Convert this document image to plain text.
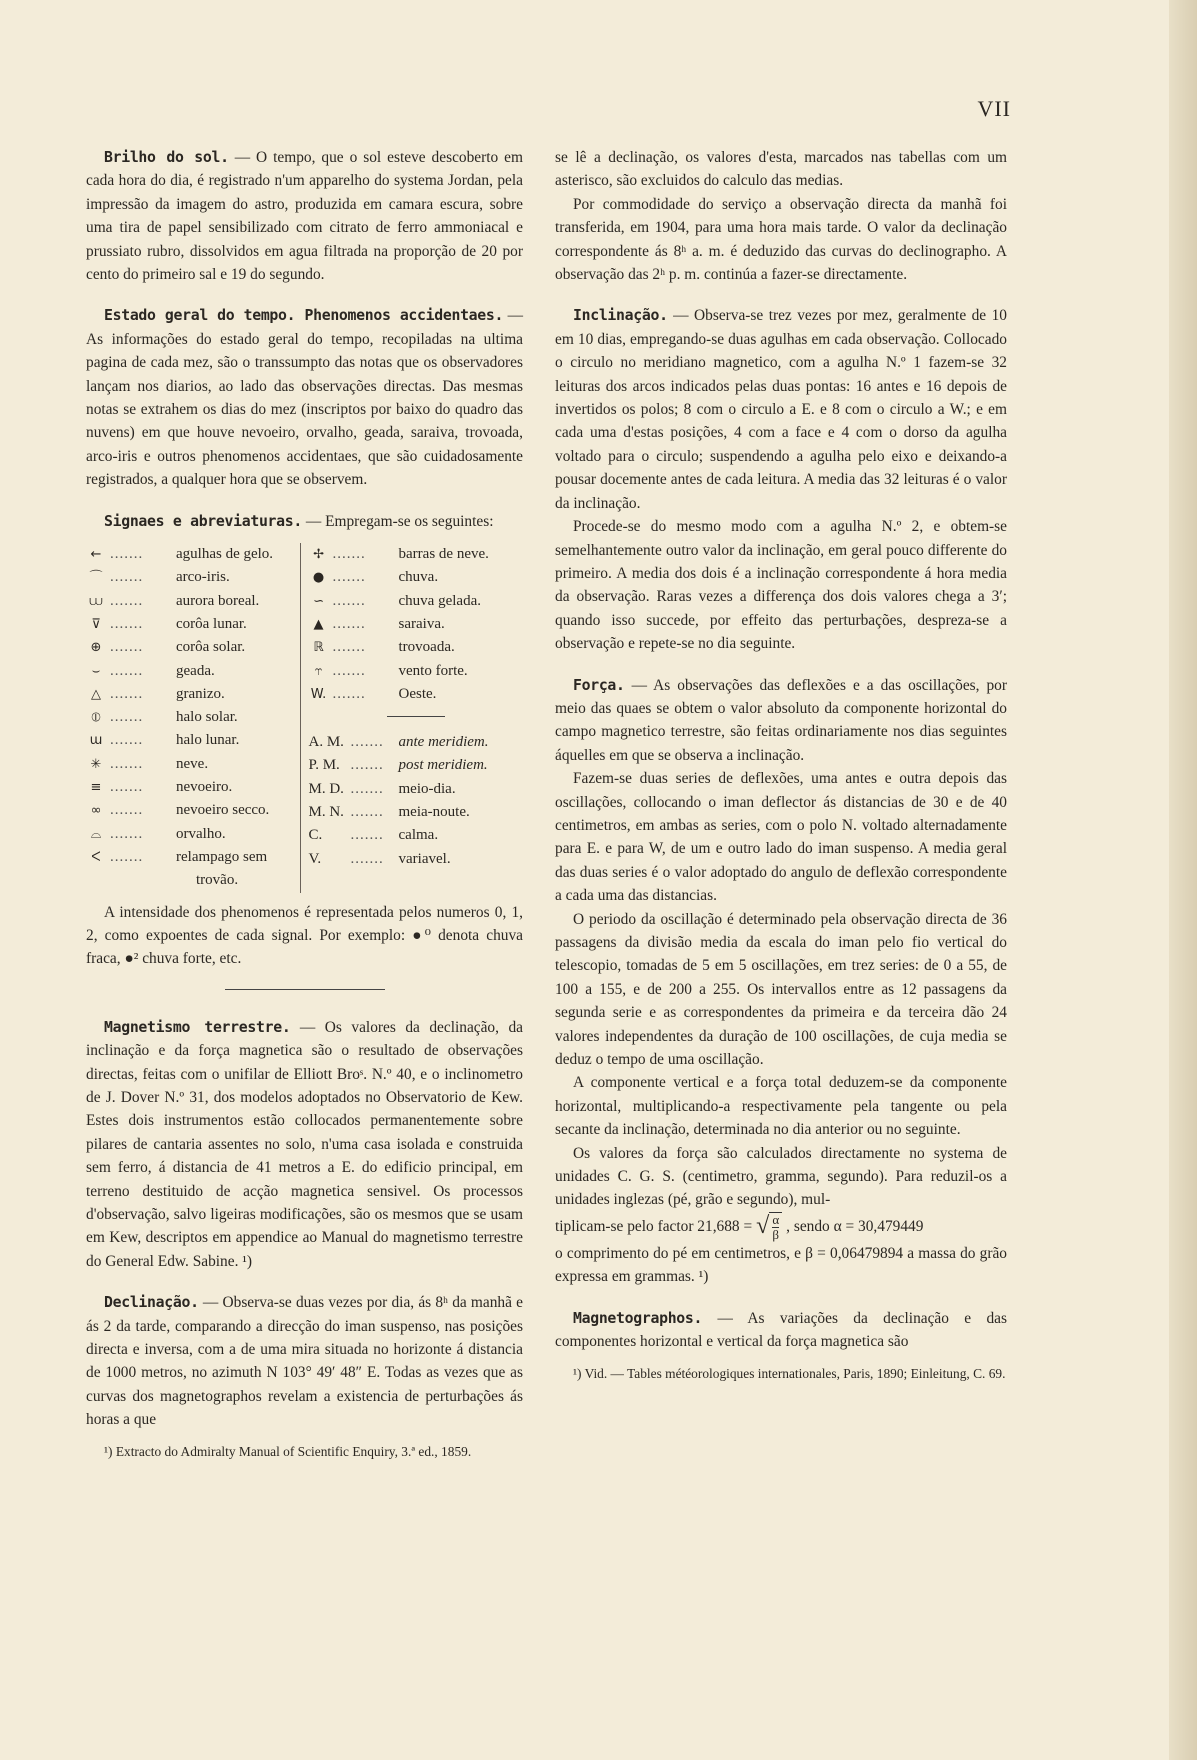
VII

Brilho do sol. — O tempo, que o sol esteve descoberto em cada hora do dia, é registrado n'um apparelho do systema Jordan, pela impressão da imagem do astro, produzida em camara escura, sobre uma tira de papel sensibilizado com citrato de ferro ammoniacal e prussiato rubro, dissolvidos em agua filtrada na proporção de 20 por cento do primeiro sal e 19 do segundo.

Estado geral do tempo. Phenomenos accidentaes. — As informações do estado geral do tempo, recopiladas na ultima pagina de cada mez, são o transsumpto das notas que os observadores lançam nos diarios, ao lado das observações directas. Das mesmas notas se extrahem os dias do mez (inscriptos por baixo do quadro das nuvens) em que houve nevoeiro, orvalho, geada, saraiva, trovoada, arco-iris e outros phenomenos accidentaes, que são cuidadosamente registrados, a qualquer hora que se observem.

Signaes e abreviaturas. — Empregam-se os seguintes:

← .......	agulhas de gelo.
⌒ .......	arco-iris.
⩊ .......	aurora boreal.
⊽ .......	corôa lunar.
⊕ .......	corôa solar.
⌣ .......	geada.
△ .......	granizo.
⦶ .......	halo solar.
ɯ .......	halo lunar.
✳ .......	neve.
≡ .......	nevoeiro.
∞ .......	nevoeiro secco.
⌓ .......	orvalho.
ᐸ .......	relampago sem
trovão.
✢ .......	barras de neve.
● .......	chuva.
∽ .......	chuva gelada.
▲ .......	saraiva.
ℝ .......	trovoada.
⥾ .......	vento forte.
W. .......	Oeste.
A. M. ....... ante meridiem.
P. M. ....... post meridiem.
M. D. ....... meio-dia.
M. N. ....... meia-noute.
C.	....... calma.
V.	....... variavel.

A intensidade dos phenomenos é representada pelos numeros 0, 1, 2, como expoentes de cada signal. Por exemplo: ●⁰ denota chuva fraca, ●² chuva forte, etc.

Magnetismo terrestre. — Os valores da declinação, da inclinação e da força magnetica são o resultado de observações directas, feitas com o unifilar de Elliott Broˢ. N.º 40, e o inclinometro de J. Dover N.º 31, dos modelos adoptados no Observatorio de Kew. Estes dois instrumentos estão collocados permanentemente sobre pilares de cantaria assentes no solo, n'uma casa isolada e construida sem ferro, á distancia de 41 metros a E. do edificio principal, em terreno destituido de acção magnetica sensivel. Os processos d'observação, salvo ligeiras modificações, são os mesmos que se usam em Kew, descriptos em appendice ao Manual do magnetismo terrestre do General Edw. Sabine. ¹)

Declinação. — Observa-se duas vezes por dia, ás 8ʰ da manhã e ás 2 da tarde, comparando a direcção do iman suspenso, nas posições directa e inversa, com a de uma mira situada no horizonte á distancia de 1000 metros, no azimuth N 103° 49′ 48″ E. Todas as vezes que as curvas dos magnetographos revelam a existencia de perturbações ás horas a que

¹) Extracto do Admiralty Manual of Scientific Enquiry, 3.ª ed., 1859.

se lê a declinação, os valores d'esta, marcados nas tabellas com um asterisco, são excluidos do calculo das medias.

Por commodidade do serviço a observação directa da manhã foi transferida, em 1904, para uma hora mais tarde. O valor da declinação correspondente ás 8ʰ a. m. é deduzido das curvas do declinographo. A observação das 2ʰ p. m. continúa a fazer-se directamente.

Inclinação. — Observa-se trez vezes por mez, geralmente de 10 em 10 dias, empregando-se duas agulhas em cada observação. Collocado o circulo no meridiano magnetico, com a agulha N.º 1 fazem-se 32 leituras dos arcos indicados pelas duas pontas: 16 antes e 16 depois de invertidos os polos; 8 com o circulo a E. e 8 com o circulo a W.; e em cada uma d'estas posições, 4 com a face e 4 com o dorso da agulha voltado para o circulo; suspendendo a agulha pelo eixo e deixando-a pousar docemente antes de cada leitura. A media das 32 leituras é o valor da inclinação.

Procede-se do mesmo modo com a agulha N.º 2, e obtem-se semelhantemente outro valor da inclinação, em geral pouco differente do primeiro. A media dos dois é a inclinação correspondente á hora media da observação. Raras vezes a differença dos dois valores chega a 3′; quando isso succede, por effeito das perturbações, despreza-se a observação e repete-se no dia seguinte.

Força. — As observações das deflexões e a das oscillações, por meio das quaes se obtem o valor absoluto da componente horizontal do campo magnetico terrestre, são feitas ordinariamente nos dias seguintes áquelles em que se observa a inclinação.

Fazem-se duas series de deflexões, uma antes e outra depois das oscillações, collocando o iman deflector ás distancias de 30 e de 40 centimetros, em ambas as series, com o polo N. voltado alternadamente para E. e para W, de um e outro lado do iman suspenso. A media geral das duas series é o valor adoptado do angulo de deflexão correspondente a cada uma das distancias.

O periodo da oscillação é determinado pela observação directa de 36 passagens da divisão media da escala do iman pelo fio vertical do telescopio, tomadas de 5 em 5 oscillações, em trez series: de 0 a 55, de 100 a 155, e de 200 a 255. Os intervallos entre as 12 passagens da segunda serie e as correspondentes da primeira e da terceira dão 24 valores independentes da duração de 100 oscillações, de cuja media se deduz o tempo de uma oscillação.

A componente vertical e a força total deduzem-se da componente horizontal, multiplicando-a respectivamente pela tangente ou pela secante da inclinação, determinada no dia anterior ou no seguinte.

Os valores da força são calculados directamente no systema de unidades C. G. S. (centimetro, gramma, segundo). Para reduzil-os a unidades inglezas (pé, grão e segundo), mul-

tiplicam-se pelo factor 21,688 = √ $\frac{\alpha}{\beta}$ , sendo α = 30,479449

o comprimento do pé em centimetros, e β = 0,06479894 a massa do grão expressa em grammas. ¹)

Magnetographos. — As variações da declinação e das componentes horizontal e vertical da força magnetica são

¹) Vid. — Tables météorologiques internationales, Paris, 1890; Einleitung, C. 69.
